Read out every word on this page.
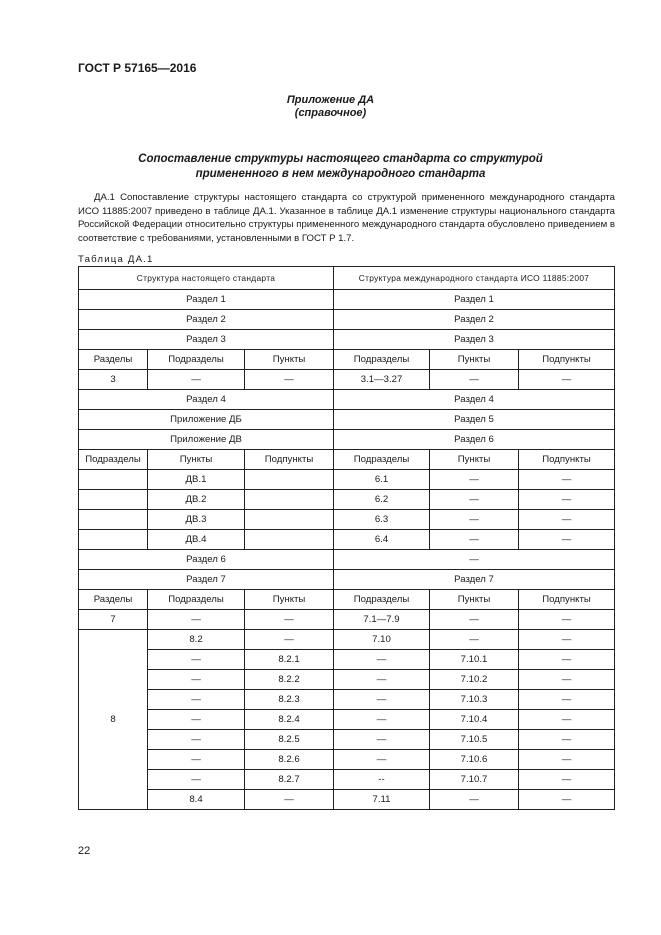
ГОСТ Р 57165—2016
Приложение ДА
(справочное)
Сопоставление структуры настоящего стандарта со структурой
примененного в нем международного стандарта
ДА.1 Сопоставление структуры настоящего стандарта со структурой примененного международного стандарта ИСО 11885:2007 приведено в таблице ДА.1. Указанное в таблице ДА.1 изменение структуры национального стандарта Российской Федерации относительно структуры примененного международного стандарта обусловлено приведением в соответствие с требованиями, установленными в ГОСТ Р 1.7.
Таблица ДА.1

Структура настоящего стандарта			Структура международного стандарта ИСО 11885:2007		
Раздел 1			Раздел 1		
Раздел 2			Раздел 2		
Раздел 3			Раздел 3		
Разделы	Подразделы	Пункты	Подразделы	Пункты	Подпункты
3	—	—	3.1—3.27	—	—
Раздел 4			Раздел 4		
Приложение ДБ			Раздел 5		
Приложение ДВ			Раздел 6		
Подразделы	Пункты	Подпункты	Подразделы	Пункты	Подпункты
	ДВ.1		6.1	—	—
	ДВ.2		6.2	—	—
	ДВ.3		6.3	—	—
	ДВ.4		6.4	—	—
Раздел 6			—		
Раздел 7			Раздел 7		
Разделы	Подразделы	Пункты	Подразделы	Пункты	Подпункты
7	—	—	7.1—7.9	—	—
8	8.2	—	7.10	—	—
	—	8.2.1	—	7.10.1	—
	—	8.2.2	—	7.10.2	—
	—	8.2.3	—	7.10.3	—
	—	8.2.4	—	7.10.4	—
	—	8.2.5	—	7.10.5	—
	—	8.2.6	—	7.10.6	—
	—	8.2.7	--	7.10.7	—
	8.4	—	7.11	—	—
22
